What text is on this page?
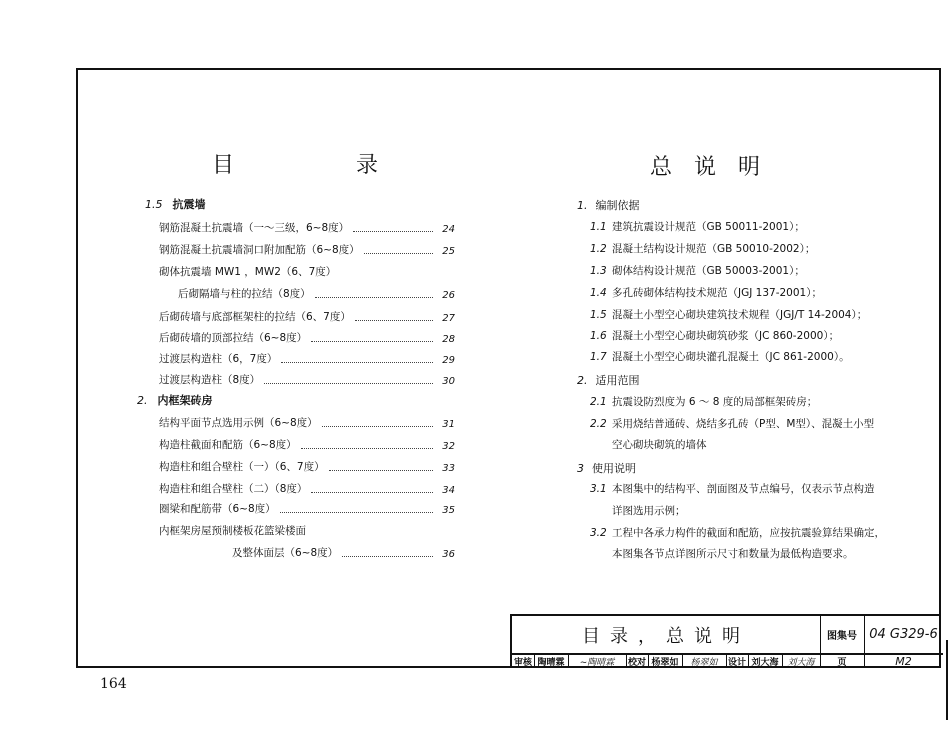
目	录
1.5 抗震墙
钢筋混凝土抗震墙（一～三级，6~8度）	24
钢筋混凝土抗震墙洞口附加配筋（6~8度）	25
砌体抗震墙 MW1 ，MW2（6、7度）
后砌隔墙与柱的拉结（8度）	26
后砌砖墙与底部框架柱的拉结（6、7度）	27
后砌砖墙的顶部拉结（6~8度）	28
过渡层构造柱（6，7度）	29
过渡层构造柱（8度）	30
2. 内框架砖房
结构平面节点选用示例（6~8度）	31
构造柱截面和配筋（6~8度）	32
构造柱和组合壁柱（一）（6、7度）	33
构造柱和组合壁柱（二）（8度）	34
圈梁和配筋带（6~8度）	35
内框架房屋预制楼板花篮梁楼面
及整体面层（6~8度）	36
总说明
1. 编制依据
1.1 建筑抗震设计规范（GB 50011-2001）；
1.2 混凝土结构设计规范（GB 50010-2002）；
1.3 砌体结构设计规范（GB 50003-2001）；
1.4 多孔砖砌体结构技术规范（JGJ 137-2001）；
1.5 混凝土小型空心砌块建筑技术规程（JGJ/T 14-2004）；
1.6 混凝土小型空心砌块砌筑砂浆（JC 860-2000）；
1.7 混凝土小型空心砌块灌孔混凝土（JC 861-2000）。
2. 适用范围
2.1 抗震设防烈度为 6 ～ 8 度的局部框架砖房；
2.2 采用烧结普通砖、烧结多孔砖（P型、M型）、混凝土小型
空心砌块砌筑的墙体
3 使用说明
3.1 本图集中的结构平、剖面图及节点编号，仅表示节点构造
详图选用示例；
3.2 工程中各承力构件的截面和配筋，应按抗震验算结果确定，
本图集各节点详图所示尺寸和数量为最低构造要求。
目录，总说明	图集号 04 G329-6
审核 陶晴霖	~陶晴霖	校对 杨翠如	杨翠如	设计 刘大海 刘大海	页	M2
164
